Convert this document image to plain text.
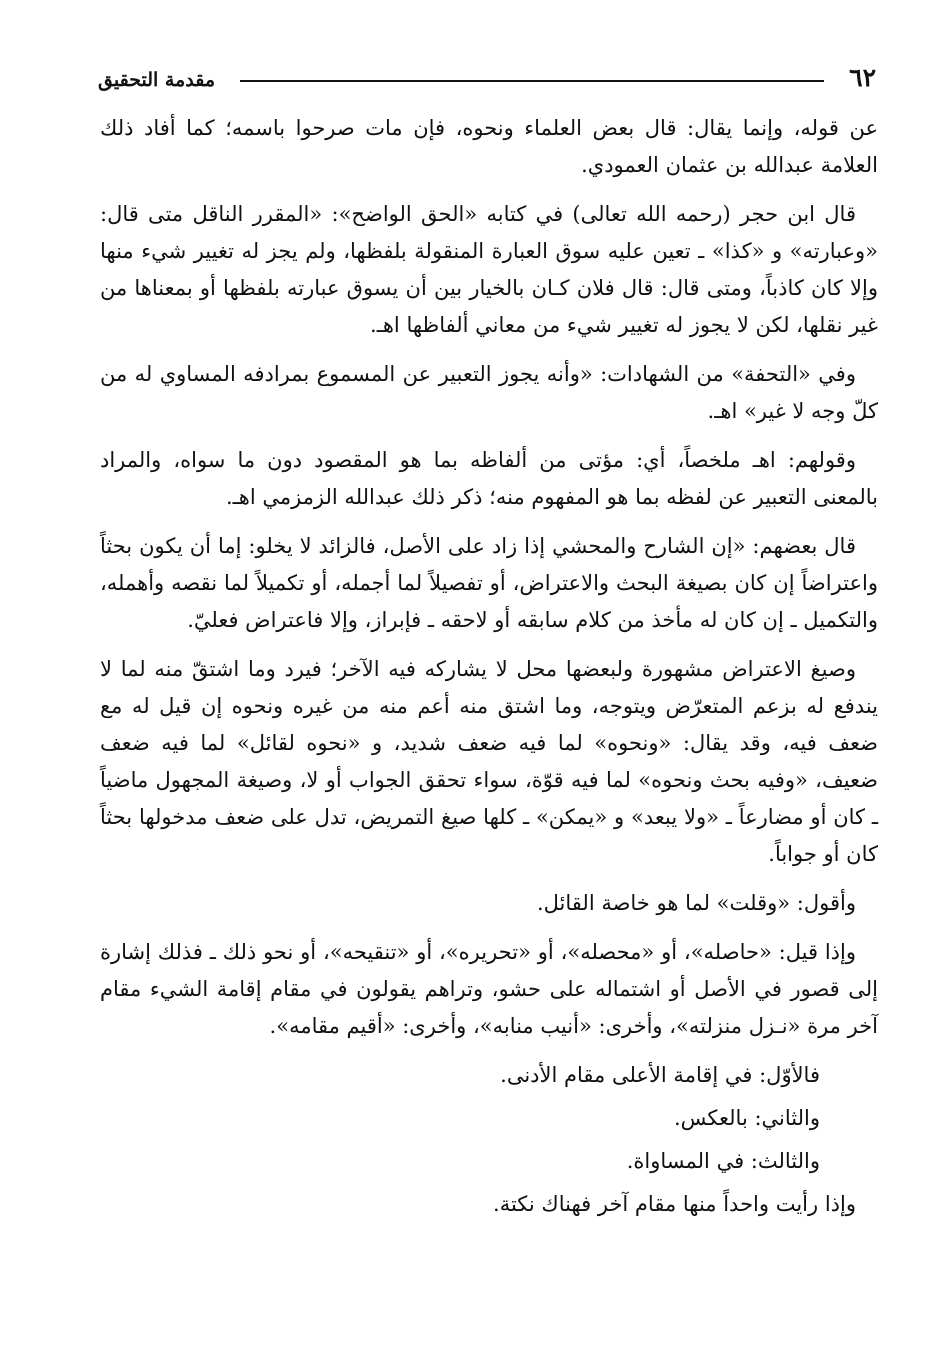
٦٢
مقدمة التحقيق

عن قوله، وإنما يقال: قال بعض العلماء ونحوه، فإن مات صرحوا باسمه؛ كما أفاد ذلك العلامة عبدالله بن عثمان العمودي.

قال ابن حجر (رحمه الله تعالى) في كتابه «الحق الواضح»: «المقرر الناقل متى قال: «وعبارته» و «كذا» ـ تعين عليه سوق العبارة المنقولة بلفظها، ولم يجز له تغيير شيء منها وإلا كان كاذباً، ومتى قال: قال فلان كـان بالخيار بين أن يسوق عبارته بلفظها أو بمعناها من غير نقلها، لكن لا يجوز له تغيير شيء من معاني ألفاظها اهـ.

وفي «التحفة» من الشهادات: «وأنه يجوز التعبير عن المسموع بمرادفه المساوي له من كلّ وجه لا غير» اهـ.

وقولهم: اهـ ملخصاً، أي: مؤتى من ألفاظه بما هو المقصود دون ما سواه، والمراد بالمعنى التعبير عن لفظه بما هو المفهوم منه؛ ذكر ذلك عبدالله الزمزمي اهـ.

قال بعضهم: «إن الشارح والمحشي إذا زاد على الأصل، فالزائد لا يخلو: إما أن يكون بحثاً واعتراضاً إن كان بصيغة البحث والاعتراض، أو تفصيلاً لما أجمله، أو تكميلاً لما نقصه وأهمله، والتكميل ـ إن كان له مأخذ من كلام سابقه أو لاحقه ـ فإبراز، وإلا فاعتراض فعليّ.

وصيغ الاعتراض مشهورة ولبعضها محل لا يشاركه فيه الآخر؛ فيرد وما اشتقّ منه لما لا يندفع له بزعم المتعرّض ويتوجه، وما اشتق منه أعم منه من غيره ونحوه إن قيل له مع ضعف فيه، وقد يقال: «ونحوه» لما فيه ضعف شديد، و «نحوه لقائل» لما فيه ضعف ضعيف، «وفيه بحث ونحوه» لما فيه قوّة، سواء تحقق الجواب أو لا، وصيغة المجهول ماضياً ـ كان أو مضارعاً ـ «ولا يبعد» و «يمكن» ـ كلها صيغ التمريض، تدل على ضعف مدخولها بحثاً كان أو جواباً.

وأقول: «وقلت» لما هو خاصة القائل.

وإذا قيل: «حاصله»، أو «محصله»، أو «تحريره»، أو «تنقيحه»، أو نحو ذلك ـ فذلك إشارة إلى قصور في الأصل أو اشتماله على حشو، وتراهم يقولون في مقام إقامة الشيء مقام آخر مرة «نـزل منزلته»، وأخرى: «أنيب منابه»، وأخرى: «أقيم مقامه».

فالأوّل: في إقامة الأعلى مقام الأدنى.

والثاني: بالعكس.

والثالث: في المساواة.

وإذا رأيت واحداً منها مقام آخر فهناك نكتة.
